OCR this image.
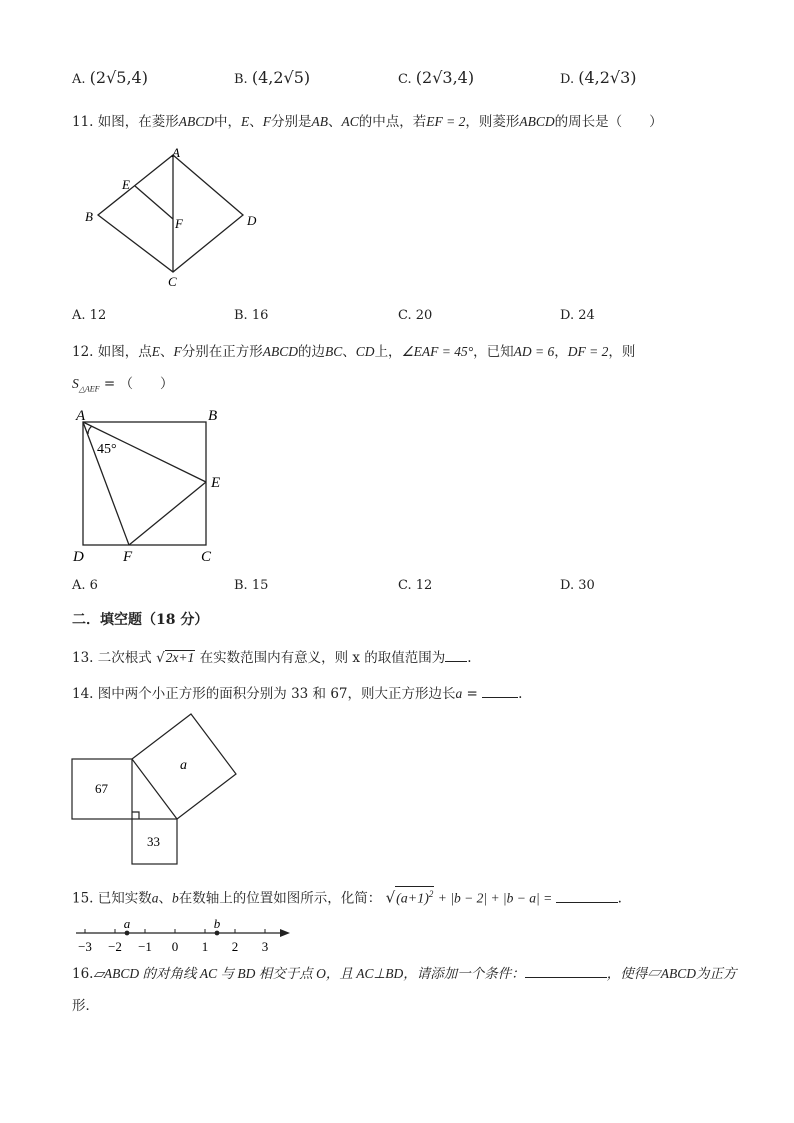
A. (2√5,4)	B. (4,2√5)	C. (2√3,4)	D. (4,2√3)
11. 如图，在菱形ABCD中，E、F分别是AB、AC的中点，若EF = 2，则菱形ABCD的周长是（　　）
A
B
C
D
E
F
A. 12	B. 16	C. 20	D. 24
12. 如图，点E、F分别在正方形ABCD的边BC、CD上，∠EAF = 45°，已知AD = 6，DF = 2，则
$S_{\triangle AEF}$ = （　　）
A	B
C
D
E
F
45°
A. 6	B. 15	C. 12	D. 30
二．填空题（18 分）
13. 二次根式 √2x+1 在实数范围内有意义，则 x 的取值范围为 .
14. 图中两个小正方形的面积分别为 33 和 67，则大正方形边长a =	.
67
33
a
15. 已知实数a、b在数轴上的位置如图所示，化简： $√(a+1)^2 + |b - 2| + |b - a|$ =	.
−3 −2 −1 0 1 2 3
a	b
16.▱ABCD 的对角线 AC 与 BD 相交于点 O，且 AC⊥BD，请添加一个条件：	，使得▱ABCD为正方
形．
